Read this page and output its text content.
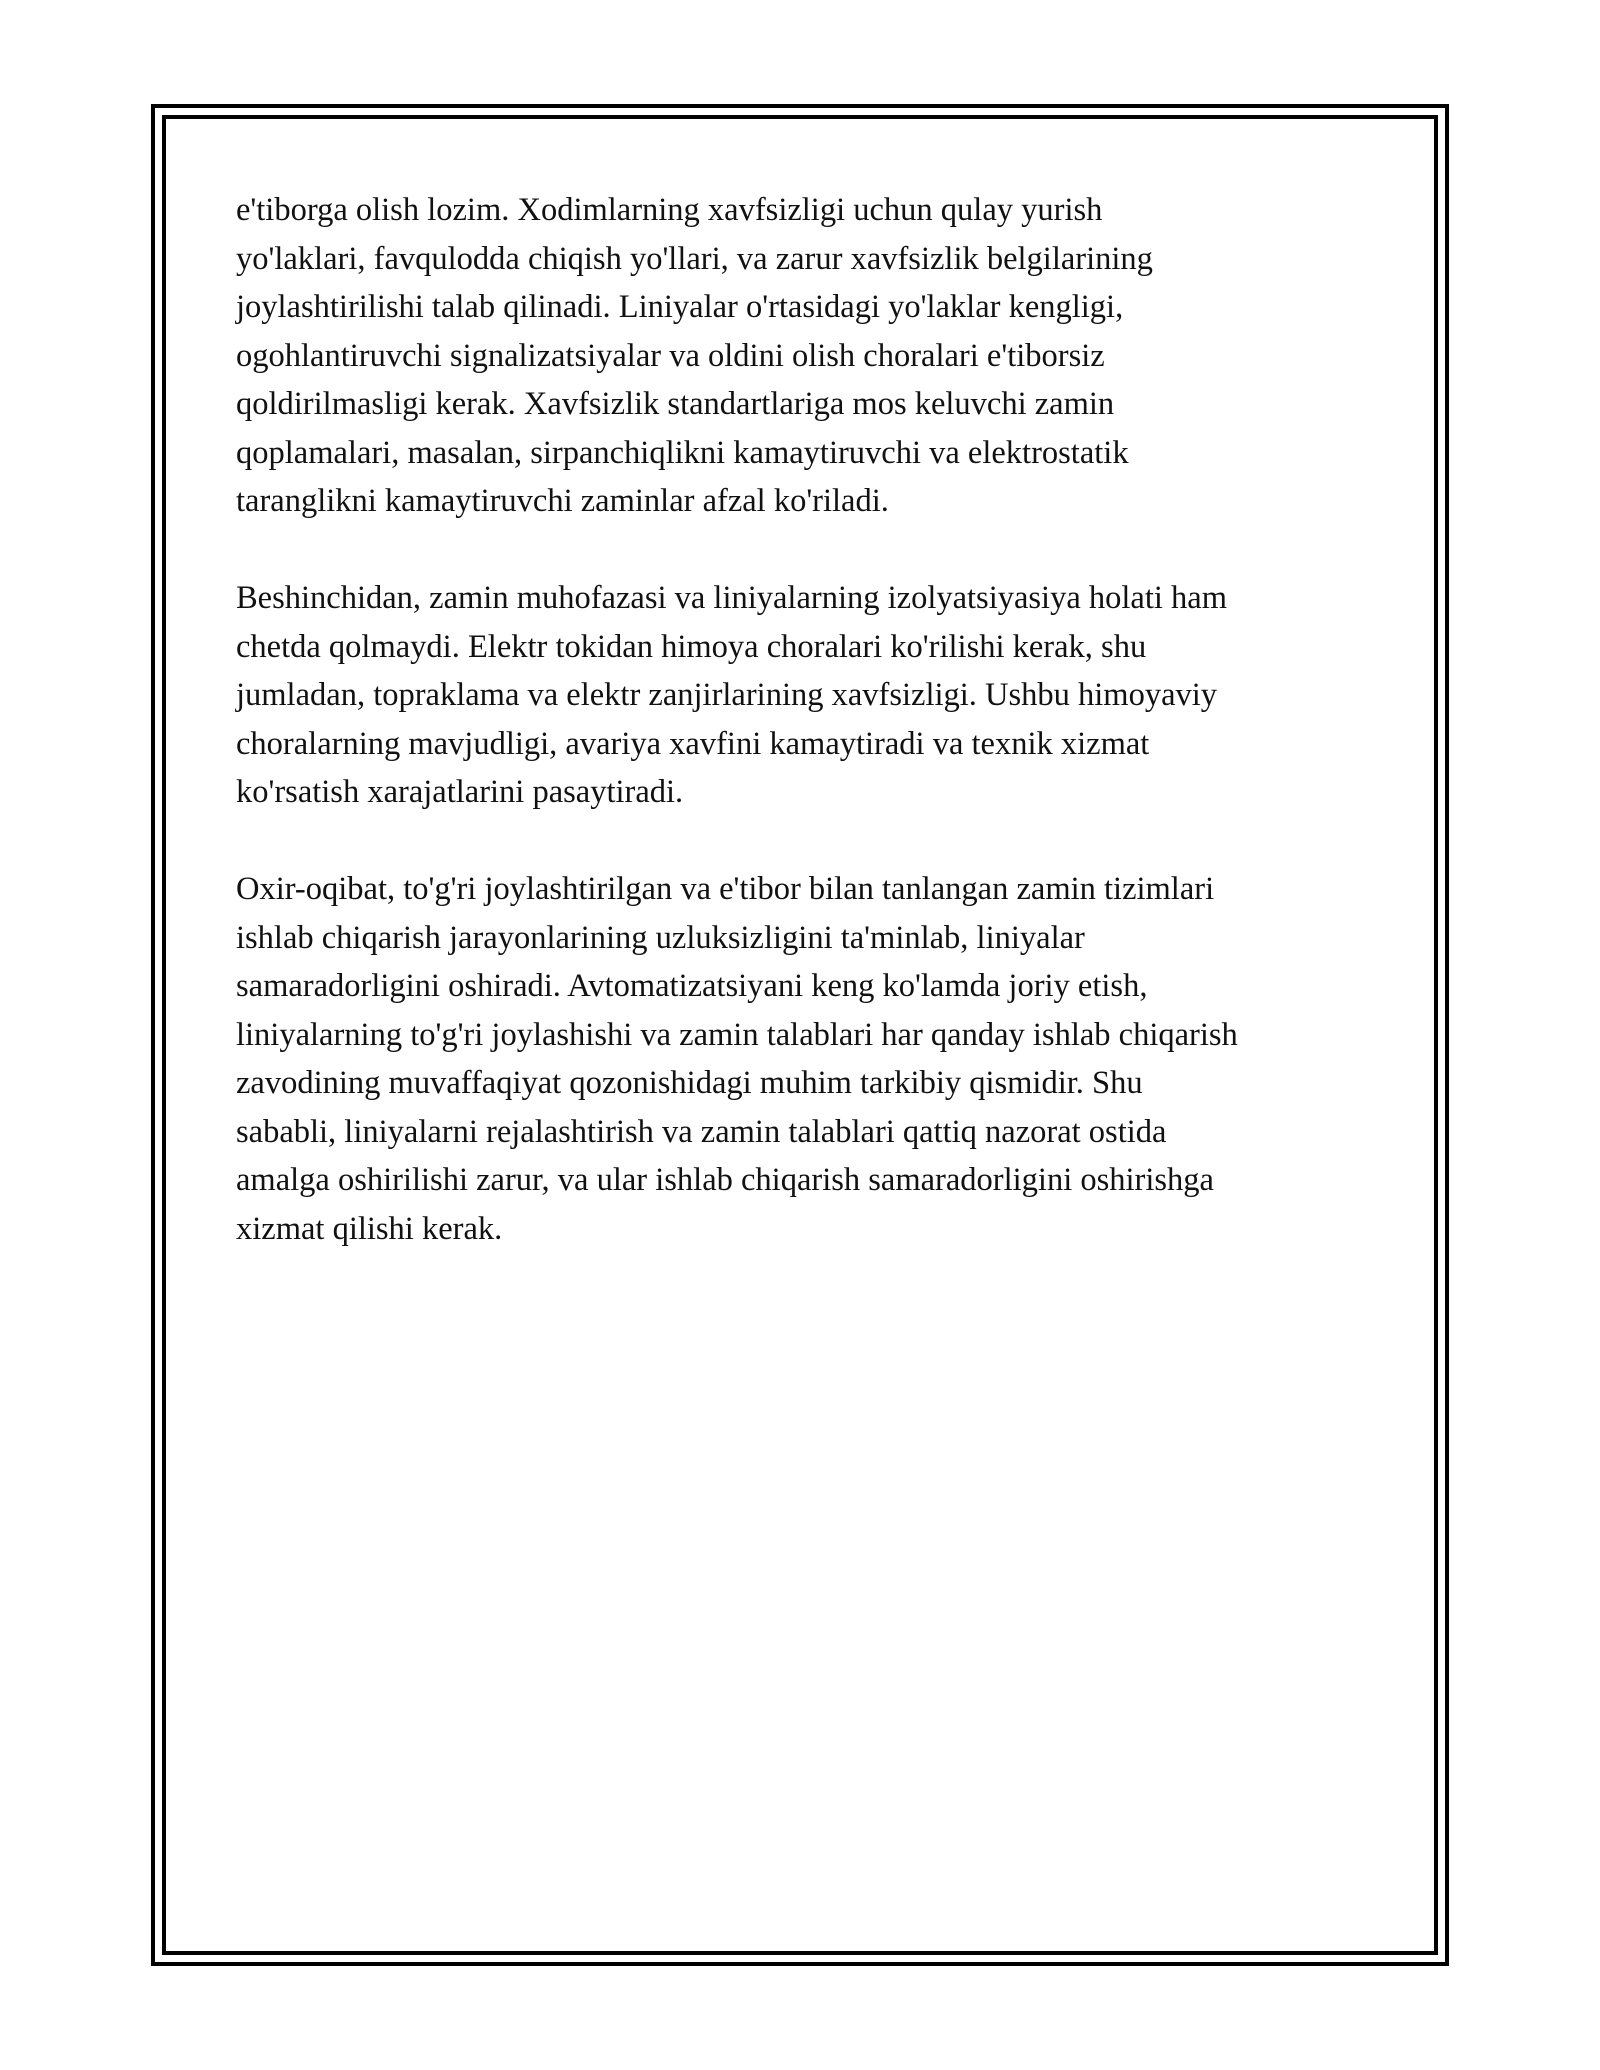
e'tiborga olish lozim. Xodimlarning xavfsizligi uchun qulay yurish
yo'laklari, favqulodda chiqish yo'llari, va zarur xavfsizlik belgilarining
joylashtirilishi talab qilinadi. Liniyalar o'rtasidagi yo'laklar kengligi,
ogohlantiruvchi signalizatsiyalar va oldini olish choralari e'tiborsiz
qoldirilmasligi kerak. Xavfsizlik standartlariga mos keluvchi zamin
qoplamalari, masalan, sirpanchiqlikni kamaytiruvchi va elektrostatik
taranglikni kamaytiruvchi zaminlar afzal ko'riladi.

Beshinchidan, zamin muhofazasi va liniyalarning izolyatsiyasiya holati ham
chetda qolmaydi. Elektr tokidan himoya choralari ko'rilishi kerak, shu
jumladan, topraklama va elektr zanjirlarining xavfsizligi. Ushbu himoyaviy
choralarning mavjudligi, avariya xavfini kamaytiradi va texnik xizmat
ko'rsatish xarajatlarini pasaytiradi.

Oxir-oqibat, to'g'ri joylashtirilgan va e'tibor bilan tanlangan zamin tizimlari
ishlab chiqarish jarayonlarining uzluksizligini ta'minlab, liniyalar
samaradorligini oshiradi. Avtomatizatsiyani keng ko'lamda joriy etish,
liniyalarning to'g'ri joylashishi va zamin talablari har qanday ishlab chiqarish
zavodining muvaffaqiyat qozonishidagi muhim tarkibiy qismidir. Shu
sababli, liniyalarni rejalashtirish va zamin talablari qattiq nazorat ostida
amalga oshirilishi zarur, va ular ishlab chiqarish samaradorligini oshirishga
xizmat qilishi kerak.
